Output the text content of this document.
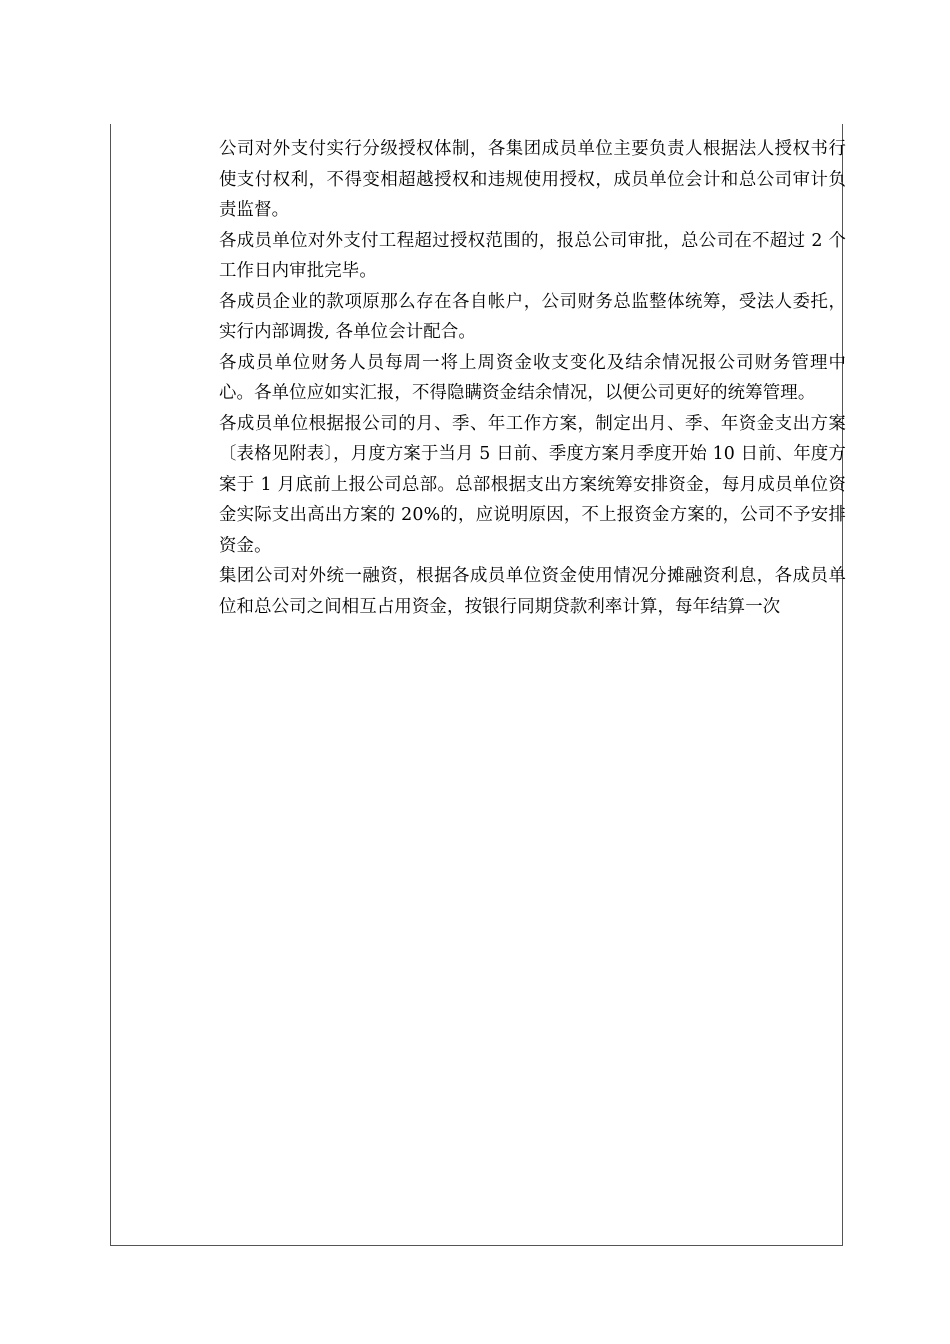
公司对外支付实行分级授权体制，各集团成员单位主要负责人根据法人授权书行使支付权利，不得变相超越授权和违规使用授权，成员单位会计和总公司审计负责监督。

各成员单位对外支付工程超过授权范围的，报总公司审批，总公司在不超过 2 个工作日内审批完毕。

各成员企业的款项原那么存在各自帐户，公司财务总监整体统筹，受法人委托，实行内部调拨, 各单位会计配合。

各成员单位财务人员每周一将上周资金收支变化及结余情况报公司财务管理中心。各单位应如实汇报，不得隐瞒资金结余情况，以便公司更好的统筹管理。

各成员单位根据报公司的月、季、年工作方案，制定出月、季、年资金支出方案〔表格见附表〕，月度方案于当月 5 日前、季度方案月季度开始 10 日前、年度方案于 1 月底前上报公司总部。总部根据支出方案统筹安排资金，每月成员单位资金实际支出高出方案的 20%的，应说明原因，不上报资金方案的，公司不予安排资金。

集团公司对外统一融资，根据各成员单位资金使用情况分摊融资利息，各成员单位和总公司之间相互占用资金，按银行同期贷款利率计算，每年结算一次
